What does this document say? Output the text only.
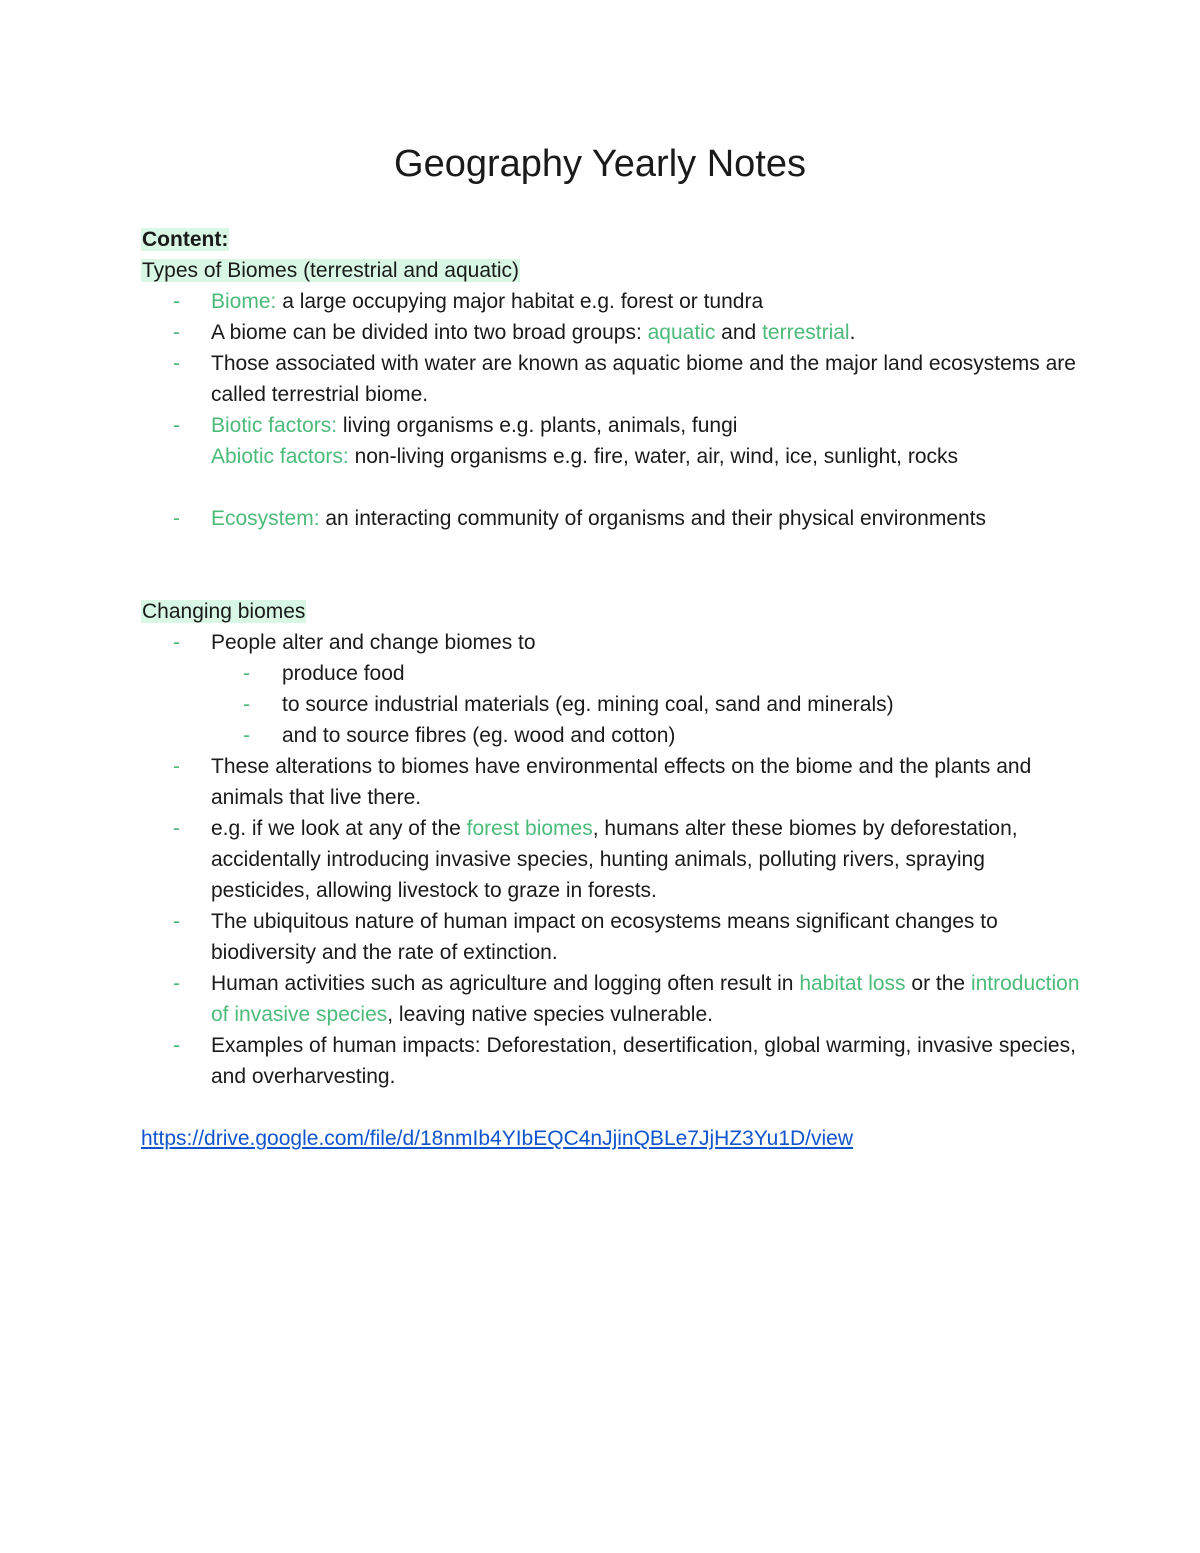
Geography Yearly Notes

Content:

Types of Biomes (terrestrial and aquatic)

- Biome: a large occupying major habitat e.g. forest or tundra
- A biome can be divided into two broad groups: aquatic and terrestrial.
- Those associated with water are known as aquatic biome and the major land ecosystems are called terrestrial biome.
- Biotic factors: living organisms e.g. plants, animals, fungi
Abiotic factors: non-living organisms e.g. fire, water, air, wind, ice, sunlight, rocks
- Ecosystem: an interacting community of organisms and their physical environments

Changing biomes

- People alter and change biomes to
- produce food
- to source industrial materials (eg. mining coal, sand and minerals)
- and to source fibres (eg. wood and cotton)
- These alterations to biomes have environmental effects on the biome and the plants and animals that live there.
- e.g. if we look at any of the forest biomes, humans alter these biomes by deforestation, accidentally introducing invasive species, hunting animals, polluting rivers, spraying pesticides, allowing livestock to graze in forests.
- The ubiquitous nature of human impact on ecosystems means significant changes to biodiversity and the rate of extinction.
- Human activities such as agriculture and logging often result in habitat loss or the introduction of invasive species, leaving native species vulnerable.
- Examples of human impacts: Deforestation, desertification, global warming, invasive species, and overharvesting.

https://drive.google.com/file/d/18nmIb4YIbEQC4nJjinQBLe7JjHZ3Yu1D/view
